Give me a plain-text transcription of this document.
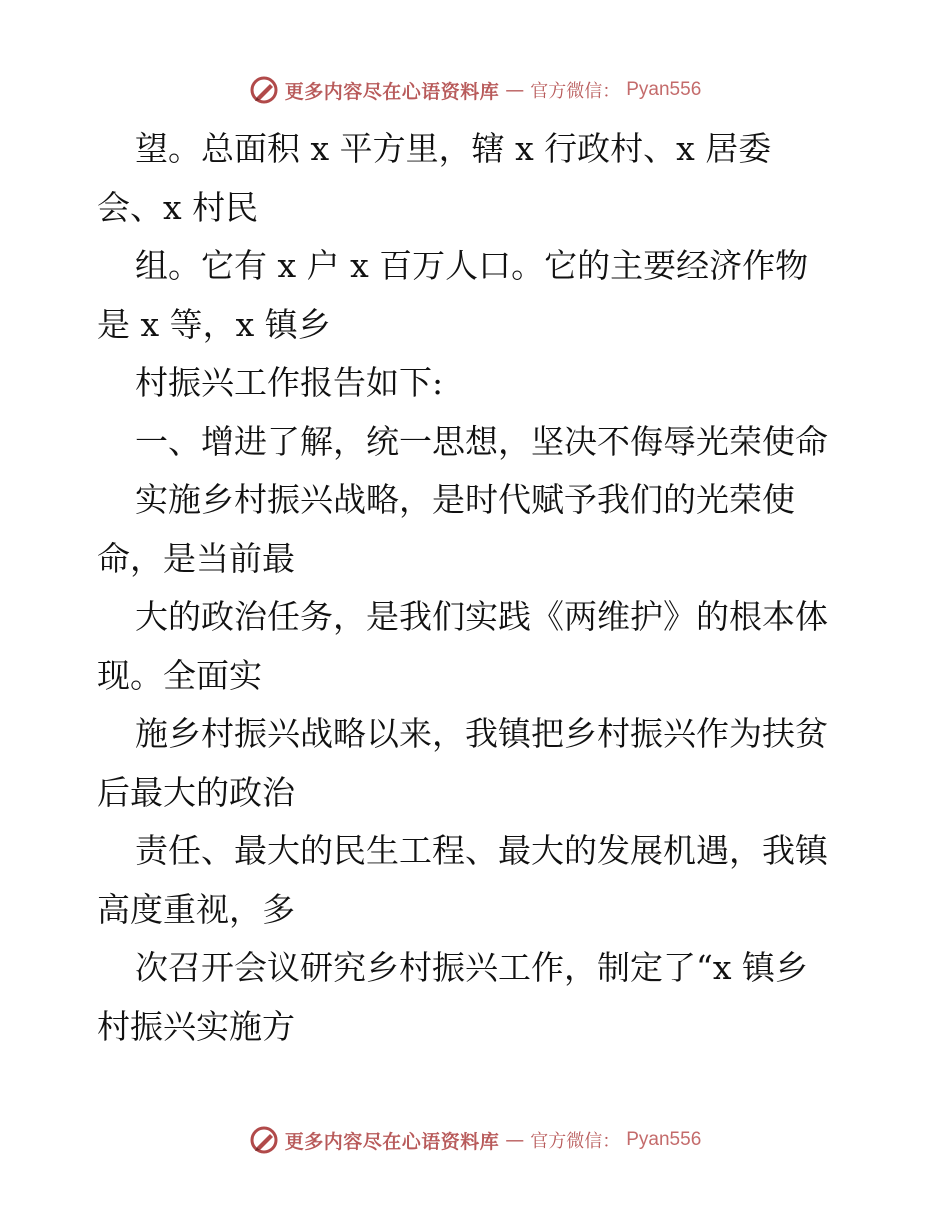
更多内容尽在心语资料库 — 官方微信： Pyan556
望。总面积 x 平方里，辖 x 行政村、x 居委
会、x 村民
组。它有 x 户 x 百万人口。它的主要经济作物
是 x 等，x 镇乡
村振兴工作报告如下:
一、增进了解，统一思想，坚决不侮辱光荣使命
实施乡村振兴战略，是时代赋予我们的光荣使
命，是当前最
大的政治任务，是我们实践《两维护》的根本体
现。全面实
施乡村振兴战略以来，我镇把乡村振兴作为扶贫
后最大的政治
责任、最大的民生工程、最大的发展机遇，我镇
高度重视，多
次召开会议研究乡村振兴工作，制定了“x 镇乡
村振兴实施方
更多内容尽在心语资料库 — 官方微信： Pyan556
